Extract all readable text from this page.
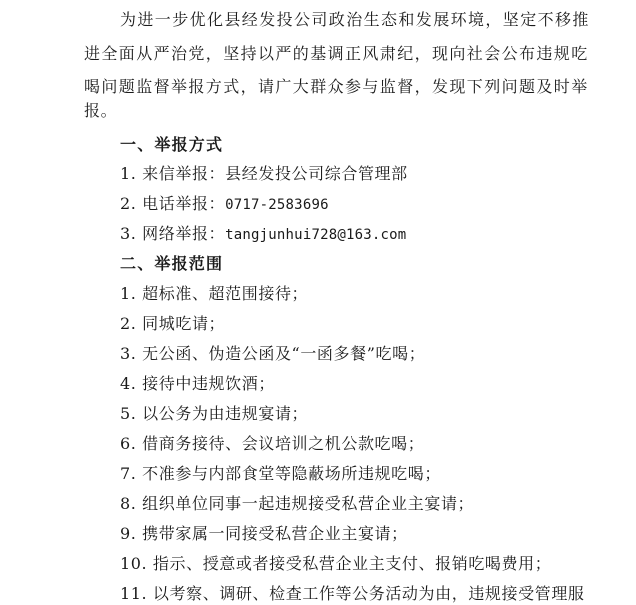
为进一步优化县经发投公司政治生态和发展环境，坚定不移推
进全面从严治党，坚持以严的基调正风肃纪，现向社会公布违规吃
喝问题监督举报方式，请广大群众参与监督，发现下列问题及时举
报。
一、举报方式
1. 来信举报：县经发投公司综合管理部
2. 电话举报：0717-2583696
3. 网络举报：tangjunhui728@163.com
二、举报范围
1. 超标准、超范围接待；
2. 同城吃请；
3. 无公函、伪造公函及“一函多餐”吃喝；
4. 接待中违规饮酒；
5. 以公务为由违规宴请；
6. 借商务接待、会议培训之机公款吃喝；
7. 不准参与内部食堂等隐蔽场所违规吃喝；
8. 组织单位同事一起违规接受私营企业主宴请；
9. 携带家属一同接受私营企业主宴请；
10. 指示、授意或者接受私营企业主支付、报销吃喝费用；
11. 以考察、调研、检查工作等公务活动为由，违规接受管理服
